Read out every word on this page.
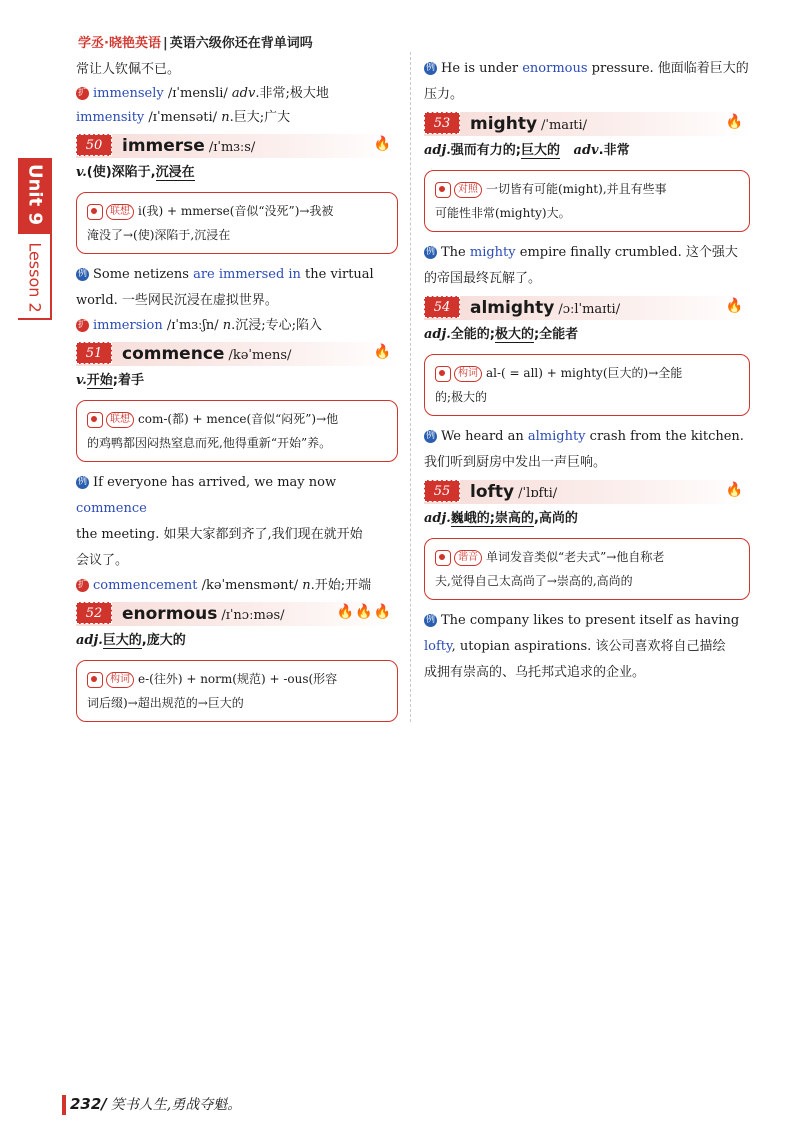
学丞·晓艳英语 | 英语六级你还在背单词吗
Unit 9
Lesson 2
常让人钦佩不已。
扩 immensely /ɪˈmensli/ adv.非常;极大地
immensity /ɪˈmensəti/ n.巨大;广大
50	immerse /ɪˈmɜːs/	🔥
v.(使)深陷于,沉浸在
联想 i(我) + mmerse(音似“没死”)→我被
淹没了→(使)深陷于,沉浸在
例 Some netizens are immersed in the virtual
world. 一些网民沉浸在虚拟世界。
扩 immersion /ɪˈmɜːʃn/ n.沉浸;专心;陷入
51	commence /kəˈmens/	🔥
v.开始;着手
联想 com-(都) + mence(音似“闷死”)→他
的鸡鸭都因闷热窒息而死,他得重新“开始”养。
例 If everyone has arrived, we may now commence
the meeting. 如果大家都到齐了,我们现在就开始
会议了。
扩 commencement /kəˈmensmənt/ n.开始;开端
52	enormous /ɪˈnɔːməs/	🔥🔥🔥
adj.巨大的,庞大的
构词 e-(往外) + norm(规范) + -ous(形容
词后缀)→超出规范的→巨大的
例 He is under enormous pressure. 他面临着巨大的
压力。
53	mighty /ˈmaɪti/	🔥
adj.强而有力的;巨大的 adv.非常
对照 一切皆有可能(might),并且有些事
可能性非常(mighty)大。
例 The mighty empire finally crumbled. 这个强大
的帝国最终瓦解了。
54	almighty /ɔːlˈmaɪti/	🔥
adj.全能的;极大的;全能者
构词 al-( = all) + mighty(巨大的)→全能
的;极大的
例 We heard an almighty crash from the kitchen.
我们听到厨房中发出一声巨响。
55	lofty /ˈlɒfti/	🔥
adj.巍峨的;崇高的,高尚的
谐音 单词发音类似“老夫式”→他自称老
夫,觉得自己太高尚了→崇高的,高尚的
例 The company likes to present itself as having
lofty, utopian aspirations. 该公司喜欢将自己描绘
成拥有崇高的、乌托邦式追求的企业。
232/ 笑书人生,勇战夺魁。
